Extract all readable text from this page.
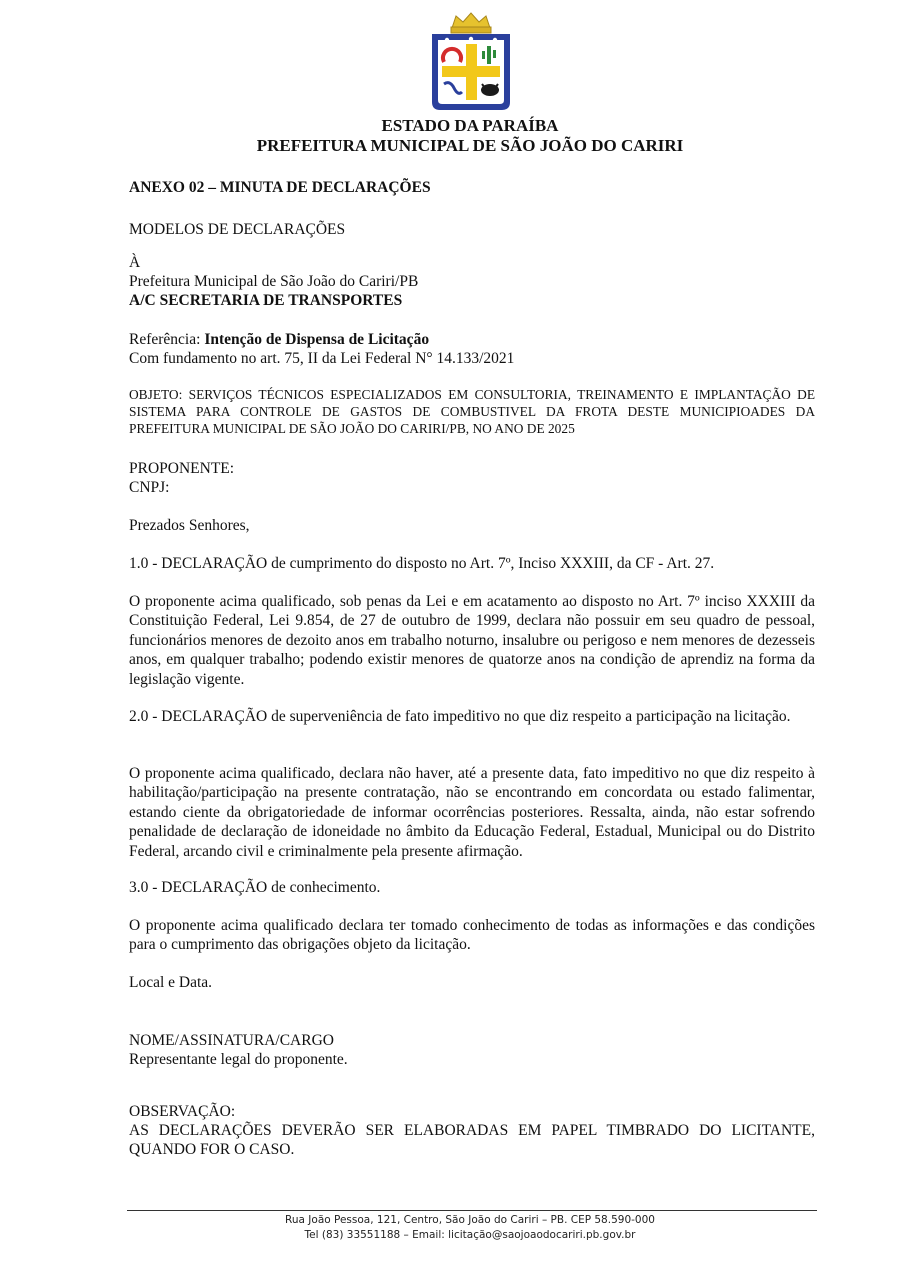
ESTADO DA PARAÍBA
PREFEITURA MUNICIPAL DE SÃO JOÃO DO CARIRI
ANEXO 02 – MINUTA DE DECLARAÇÕES
MODELOS DE DECLARAÇÕES
À
Prefeitura Municipal de São João do Cariri/PB
A/C SECRETARIA DE TRANSPORTES
Referência: Intenção de Dispensa de Licitação
Com fundamento no art. 75, II da Lei Federal N° 14.133/2021
OBJETO: SERVIÇOS TÉCNICOS ESPECIALIZADOS EM CONSULTORIA, TREINAMENTO E IMPLANTAÇÃO DE SISTEMA PARA CONTROLE DE GASTOS DE COMBUSTIVEL DA FROTA DESTE MUNICIPIOADES DA PREFEITURA MUNICIPAL DE SÃO JOÃO DO CARIRI/PB, NO ANO DE 2025
PROPONENTE:
CNPJ:
Prezados Senhores,
1.0 - DECLARAÇÃO de cumprimento do disposto no Art. 7º, Inciso XXXIII, da CF - Art. 27.
O proponente acima qualificado, sob penas da Lei e em acatamento ao disposto no Art. 7º inciso XXXIII da Constituição Federal, Lei 9.854, de 27 de outubro de 1999, declara não possuir em seu quadro de pessoal, funcionários menores de dezoito anos em trabalho noturno, insalubre ou perigoso e nem menores de dezesseis anos, em qualquer trabalho; podendo existir menores de quatorze anos na condição de aprendiz na forma da legislação vigente.
2.0 - DECLARAÇÃO de superveniência de fato impeditivo no que diz respeito a participação na licitação.
O proponente acima qualificado, declara não haver, até a presente data, fato impeditivo no que diz respeito à habilitação/participação na presente contratação, não se encontrando em concordata ou estado falimentar, estando ciente da obrigatoriedade de informar ocorrências posteriores. Ressalta, ainda, não estar sofrendo penalidade de declaração de idoneidade no âmbito da Educação Federal, Estadual, Municipal ou do Distrito Federal, arcando civil e criminalmente pela presente afirmação.
3.0 - DECLARAÇÃO de conhecimento.
O proponente acima qualificado declara ter tomado conhecimento de todas as informações e das condições para o cumprimento das obrigações objeto da licitação.
Local e Data.
NOME/ASSINATURA/CARGO
Representante legal do proponente.
OBSERVAÇÃO:
AS DECLARAÇÕES DEVERÃO SER ELABORADAS EM PAPEL TIMBRADO DO LICITANTE, QUANDO FOR O CASO.
Rua João Pessoa, 121, Centro, São João do Cariri – PB. CEP 58.590-000
Tel (83) 33551188 – Email: licitação@saojoaodocariri.pb.gov.br
